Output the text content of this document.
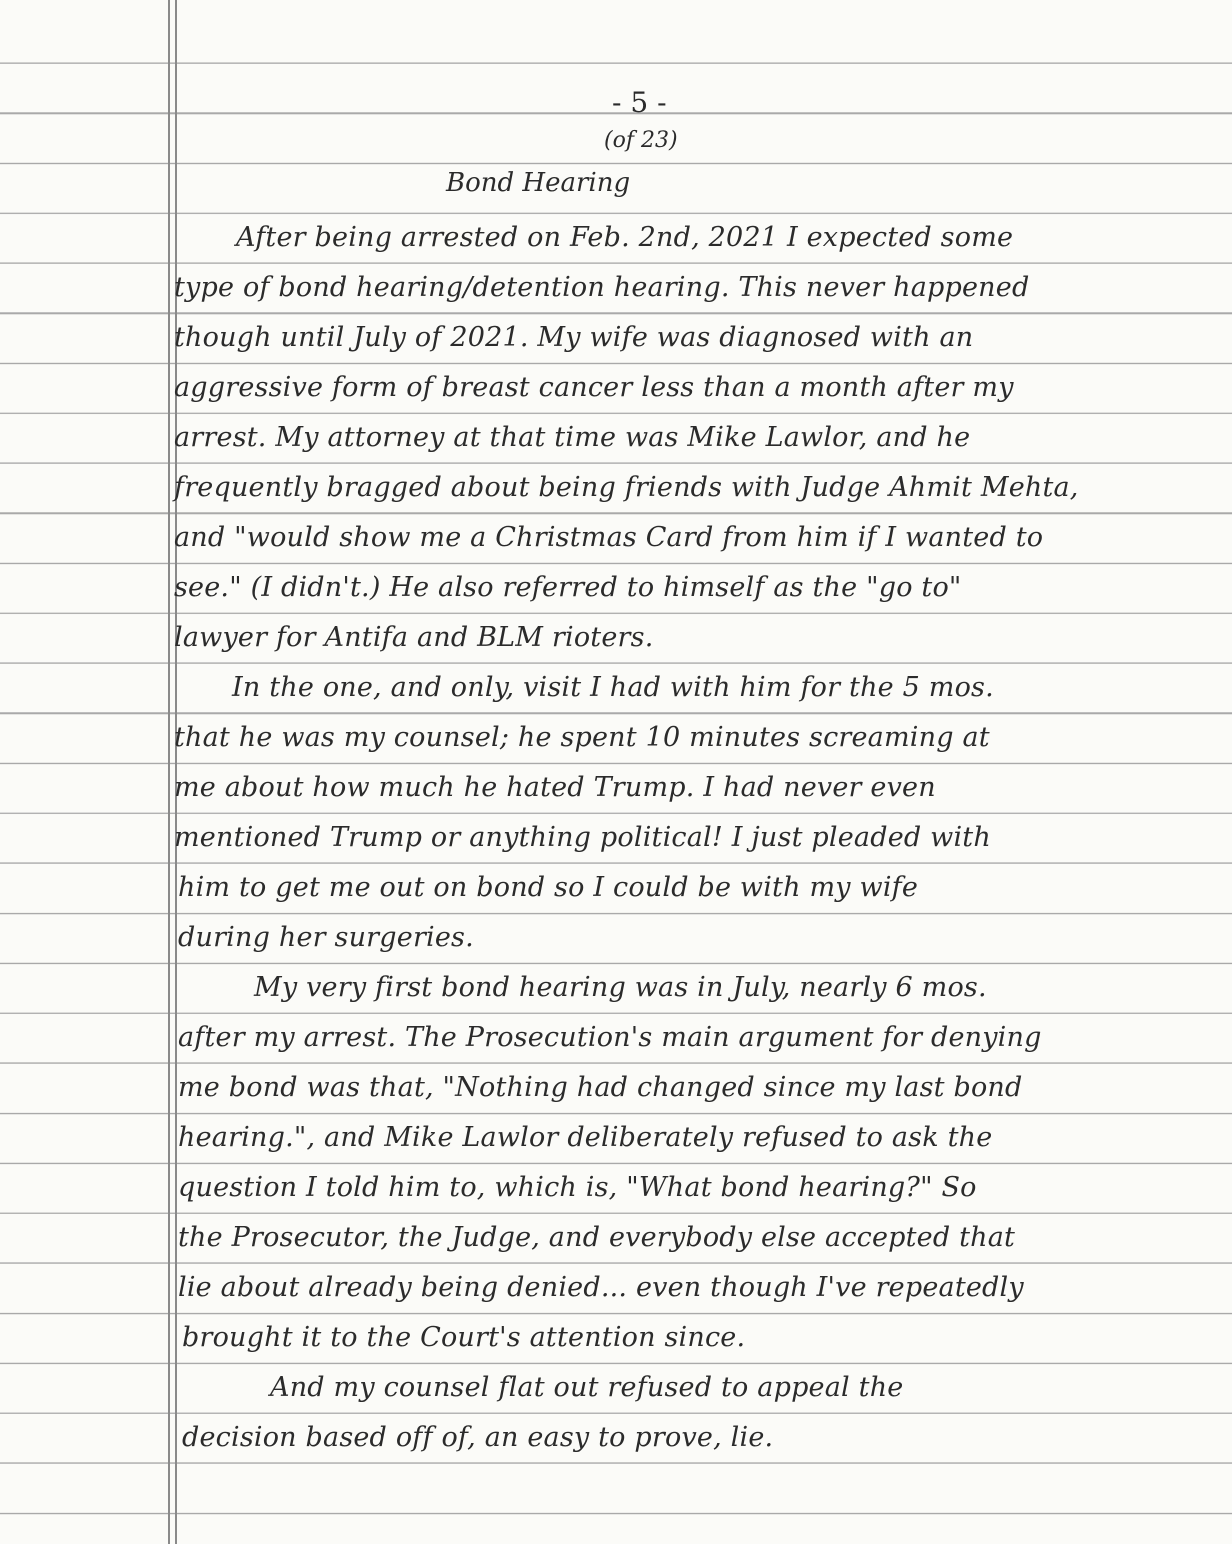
- 5 -
(of 23)
Bond Hearing
After being arrested on Feb. 2nd, 2021 I expected some
type of bond hearing/detention hearing. This never happened
though until July of 2021. My wife was diagnosed with an
aggressive form of breast cancer less than a month after my
arrest. My attorney at that time was Mike Lawlor, and he
frequently bragged about being friends with Judge Ahmit Mehta,
and "would show me a Christmas Card from him if I wanted to
see." (I didn't.) He also referred to himself as the "go to"
lawyer for Antifa and BLM rioters.
In the one, and only, visit I had with him for the 5 mos.
that he was my counsel; he spent 10 minutes screaming at
me about how much he hated Trump. I had never even
mentioned Trump or anything political! I just pleaded with
him to get me out on bond so I could be with my wife
during her surgeries.
My very first bond hearing was in July, nearly 6 mos.
after my arrest. The Prosecution's main argument for denying
me bond was that, "Nothing had changed since my last bond
hearing.", and Mike Lawlor deliberately refused to ask the
question I told him to, which is, "What bond hearing?" So
the Prosecutor, the Judge, and everybody else accepted that
lie about already being denied... even though I've repeatedly
brought it to the Court's attention since.
And my counsel flat out refused to appeal the
decision based off of, an easy to prove, lie.
